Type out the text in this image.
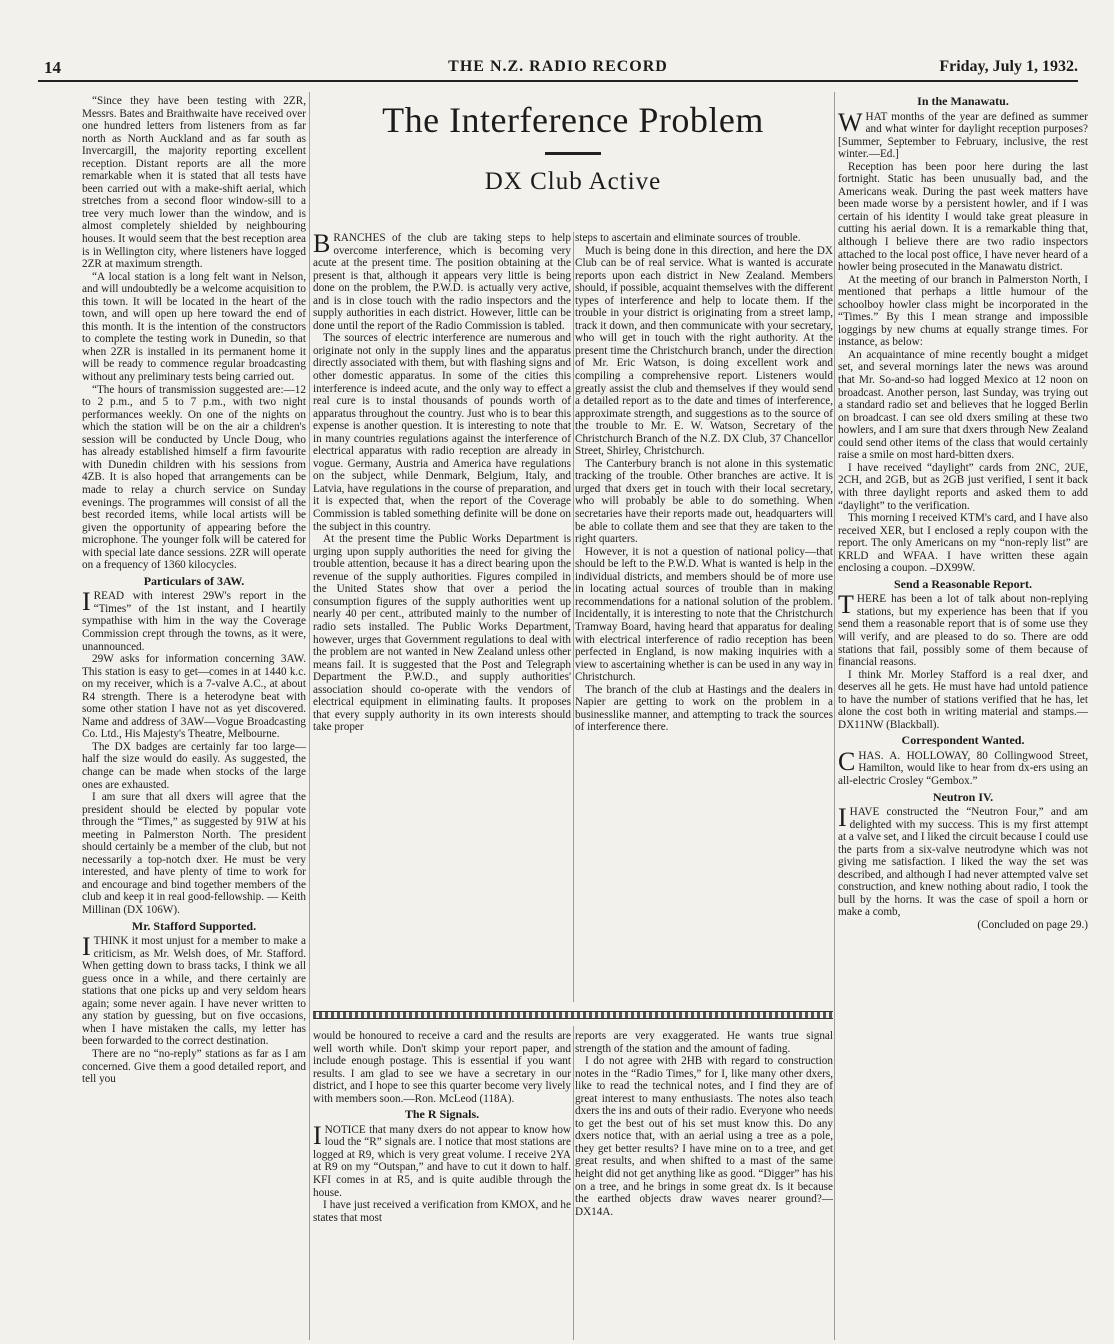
14	THE N.Z. RADIO RECORD	Friday, July 1, 1932.

“Since they have been testing with 2ZR, Messrs. Bates and Braithwaite have received over one hundred letters from listeners from as far north as North Auckland and as far south as Invercargill, the majority reporting excellent reception. Distant reports are all the more remarkable when it is stated that all tests have been carried out with a make-shift aerial, which stretches from a second floor window-sill to a tree very much lower than the window, and is almost completely shielded by neighbouring houses. It would seem that the best reception area is in Wellington city, where listeners have logged 2ZR at maximum strength.

“A local station is a long felt want in Nelson, and will undoubtedly be a welcome acquisition to this town. It will be located in the heart of the town, and will open up here toward the end of this month. It is the intention of the constructors to complete the testing work in Dunedin, so that when 2ZR is installed in its permanent home it will be ready to commence regular broadcasting without any preliminary tests being carried out.

“The hours of transmission suggested are:—12 to 2 p.m., and 5 to 7 p.m., with two night performances weekly. On one of the nights on which the station will be on the air a children's session will be conducted by Uncle Doug, who has already established himself a firm favourite with Dunedin children with his sessions from 4ZB. It is also hoped that arrangements can be made to relay a church service on Sunday evenings. The programmes will consist of all the best recorded items, while local artists will be given the opportunity of appearing before the microphone. The younger folk will be catered for with special late dance sessions. 2ZR will operate on a frequency of 1360 kilocycles.

Particulars of 3AW.

IREAD with interest 29W's report in the “Times” of the 1st instant, and I heartily sympathise with him in the way the Coverage Commission crept through the towns, as it were, unannounced.

29W asks for information concerning 3AW. This station is easy to get—comes in at 1440 k.c. on my receiver, which is a 7-valve A.C., at about R4 strength. There is a heterodyne beat with some other station I have not as yet discovered. Name and address of 3AW—Vogue Broadcasting Co. Ltd., His Majesty's Theatre, Melbourne.

The DX badges are certainly far too large—half the size would do easily. As suggested, the change can be made when stocks of the large ones are exhausted.

I am sure that all dxers will agree that the president should be elected by popular vote through the “Times,” as suggested by 91W at his meeting in Palmerston North. The president should certainly be a member of the club, but not necessarily a top-notch dxer. He must be very interested, and have plenty of time to work for and encourage and bind together members of the club and keep it in real good-fellowship. — Keith Millinan (DX 106W).

Mr. Stafford Supported.

ITHINK it most unjust for a member to make a criticism, as Mr. Welsh does, of Mr. Stafford. When getting down to brass tacks, I think we all guess once in a while, and there certainly are stations that one picks up and very seldom hears again; some never again. I have never written to any station by guessing, but on five occasions, when I have mistaken the calls, my letter has been forwarded to the correct destination.

There are no “no-reply” stations as far as I am concerned. Give them a good detailed report, and tell you

The Interference Problem
DX Club Active

BRANCHES of the club are taking steps to help overcome interference, which is becoming very acute at the present time. The position obtaining at the present is that, although it appears very little is being done on the problem, the P.W.D. is actually very active, and is in close touch with the radio inspectors and the supply authorities in each district. However, little can be done until the report of the Radio Commission is tabled.

The sources of electric interference are numerous and originate not only in the supply lines and the apparatus directly associated with them, but with flashing signs and other domestic apparatus. In some of the cities this interference is indeed acute, and the only way to effect a real cure is to instal thousands of pounds worth of apparatus throughout the country. Just who is to bear this expense is another question. It is interesting to note that in many countries regulations against the interference of electrical apparatus with radio reception are already in vogue. Germany, Austria and America have regulations on the subject, while Denmark, Belgium, Italy, and Latvia, have regulations in the course of preparation, and it is expected that, when the report of the Coverage Commission is tabled something definite will be done on the subject in this country.

At the present time the Public Works Department is urging upon supply authorities the need for giving the trouble attention, because it has a direct bearing upon the revenue of the supply authorities. Figures compiled in the United States show that over a period the consumption figures of the supply authorities went up nearly 40 per cent., attributed mainly to the number of radio sets installed. The Public Works Department, however, urges that Government regulations to deal with the problem are not wanted in New Zealand unless other means fail. It is suggested that the Post and Telegraph Department the P.W.D., and supply authorities' association should co-operate with the vendors of electrical equipment in eliminating faults. It proposes that every supply authority in its own interests should take proper

steps to ascertain and eliminate sources of trouble.

Much is being done in this direction, and here the DX Club can be of real service. What is wanted is accurate reports upon each district in New Zealand. Members should, if possible, acquaint themselves with the different types of interference and help to locate them. If the trouble in your district is originating from a street lamp, track it down, and then communicate with your secretary, who will get in touch with the right authority. At the present time the Christchurch branch, under the direction of Mr. Eric Watson, is doing excellent work and compiling a comprehensive report. Listeners would greatly assist the club and themselves if they would send a detailed report as to the date and times of interference, approximate strength, and suggestions as to the source of the trouble to Mr. E. W. Watson, Secretary of the Christchurch Branch of the N.Z. DX Club, 37 Chancellor Street, Shirley, Christchurch.

The Canterbury branch is not alone in this systematic tracking of the trouble. Other branches are active. It is urged that dxers get in touch with their local secretary, who will probably be able to do something. When secretaries have their reports made out, headquarters will be able to collate them and see that they are taken to the right quarters.

However, it is not a question of national policy—that should be left to the P.W.D. What is wanted is help in the individual districts, and members should be of more use in locating actual sources of trouble than in making recommendations for a national solution of the problem. Incidentally, it is interesting to note that the Christchurch Tramway Board, having heard that apparatus for dealing with electrical interference of radio reception has been perfected in England, is now making inquiries with a view to ascertaining whether is can be used in any way in Christchurch.

The branch of the club at Hastings and the dealers in Napier are getting to work on the problem in a businesslike manner, and attempting to track the sources of interference there.

would be honoured to receive a card and the results are well worth while. Don't skimp your report paper, and include enough postage. This is essential if you want results. I am glad to see we have a secretary in our district, and I hope to see this quarter become very lively with members soon.—Ron. McLeod (118A).

The R Signals.

INOTICE that many dxers do not appear to know how loud the “R” signals are. I notice that most stations are logged at R9, which is very great volume. I receive 2YA at R9 on my “Outspan,” and have to cut it down to half. KFI comes in at R5, and is quite audible through the house.

I have just received a verification from KMOX, and he states that most

reports are very exaggerated. He wants true signal strength of the station and the amount of fading.

I do not agree with 2HB with regard to construction notes in the “Radio Times,” for I, like many other dxers, like to read the technical notes, and I find they are of great interest to many enthusiasts. The notes also teach dxers the ins and outs of their radio. Everyone who needs to get the best out of his set must know this. Do any dxers notice that, with an aerial using a tree as a pole, they get better results? I have mine on to a tree, and get great results, and when shifted to a mast of the same height did not get anything like as good. “Digger” has his on a tree, and he brings in some great dx. Is it because the earthed objects draw waves nearer ground?—DX14A.

In the Manawatu.

WHAT months of the year are defined as summer and what winter for daylight reception purposes? [Summer, September to February, inclusive, the rest winter.—Ed.]

Reception has been poor here during the last fortnight. Static has been unusually bad, and the Americans weak. During the past week matters have been made worse by a persistent howler, and if I was certain of his identity I would take great pleasure in cutting his aerial down. It is a remarkable thing that, although I believe there are two radio inspectors attached to the local post office, I have never heard of a howler being prosecuted in the Manawatu district.

At the meeting of our branch in Palmerston North, I mentioned that perhaps a little humour of the schoolboy howler class might be incorporated in the “Times.” By this I mean strange and impossible loggings by new chums at equally strange times. For instance, as below:

An acquaintance of mine recently bought a midget set, and several mornings later the news was around that Mr. So-and-so had logged Mexico at 12 noon on broadcast. Another person, last Sunday, was trying out a standard radio set and believes that he logged Berlin on broadcast. I can see old dxers smiling at these two howlers, and I am sure that dxers through New Zealand could send other items of the class that would certainly raise a smile on most hard-bitten dxers.

I have received “daylight” cards from 2NC, 2UE, 2CH, and 2GB, but as 2GB just verified, I sent it back with three daylight reports and asked them to add “daylight” to the verification.

This morning I received KTM's card, and I have also received XER, but I enclosed a reply coupon with the report. The only Americans on my “non-reply list” are KRLD and WFAA. I have written these again enclosing a coupon. –DX99W.

Send a Reasonable Report.

THERE has been a lot of talk about non-replying stations, but my experience has been that if you send them a reasonable report that is of some use they will verify, and are pleased to do so. There are odd stations that fail, possibly some of them because of financial reasons.

I think Mr. Morley Stafford is a real dxer, and deserves all he gets. He must have had untold patience to have the number of stations verified that he has, let alone the cost both in writing material and stamps.—DX11NW (Blackball).

Correspondent Wanted.

CHAS. A. HOLLOWAY, 80 Collingwood Street, Hamilton, would like to hear from dx-ers using an all-electric Crosley “Gembox.”

Neutron IV.

IHAVE constructed the “Neutron Four,” and am delighted with my success. This is my first attempt at a valve set, and I liked the circuit because I could use the parts from a six-valve neutrodyne which was not giving me satisfaction. I liked the way the set was described, and although I had never attempted valve set construction, and knew nothing about radio, I took the bull by the horns. It was the case of spoil a horn or make a comb,

(Concluded on page 29.)
